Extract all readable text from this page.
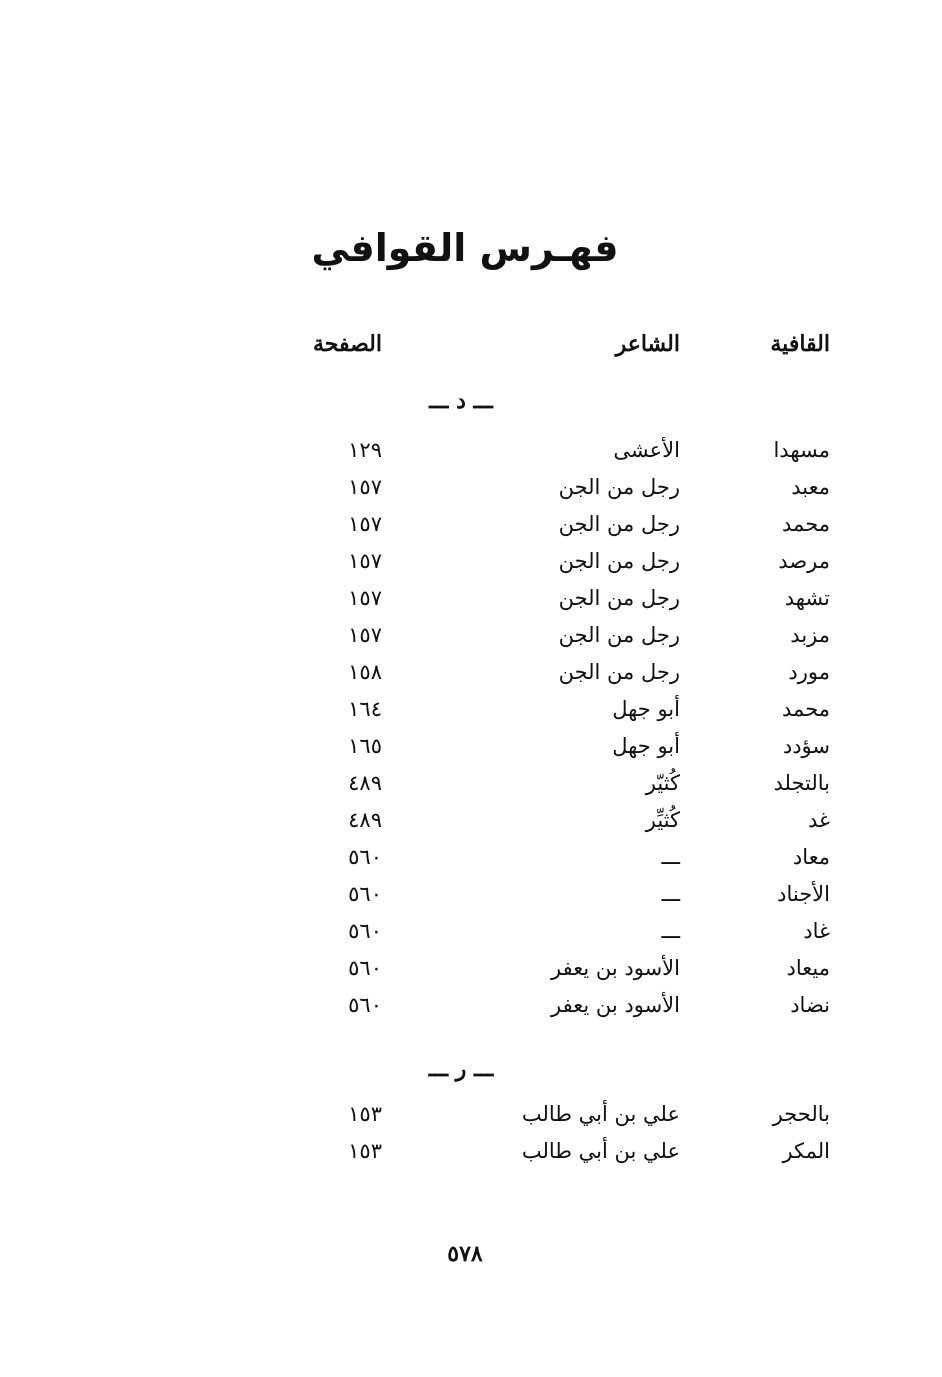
فهـرس القوافي
القافية
الشاعر
الصفحة
ـــ د ـــ
مسهدا
الأعشى
١٢٩
معبد
رجل من الجن
١٥٧
محمد
رجل من الجن
١٥٧
مرصد
رجل من الجن
١٥٧
تشهد
رجل من الجن
١٥٧
مزبد
رجل من الجن
١٥٧
مورد
رجل من الجن
١٥٨
محمد
أبو جهل
١٦٤
سؤدد
أبو جهل
١٦٥
بالتجلد
كُثيّر
٤٨٩
غد
كُثيِّر
٤٨٩
معاد
ـــ
٥٦٠
الأجناد
ـــ
٥٦٠
غاد
ـــ
٥٦٠
ميعاد
الأسود بن يعفر
٥٦٠
نضاد
الأسود بن يعفر
٥٦٠
ـــ ر ـــ
بالحجر
علي بن أبي طالب
١٥٣
المكر
علي بن أبي طالب
١٥٣
٥٧٨
